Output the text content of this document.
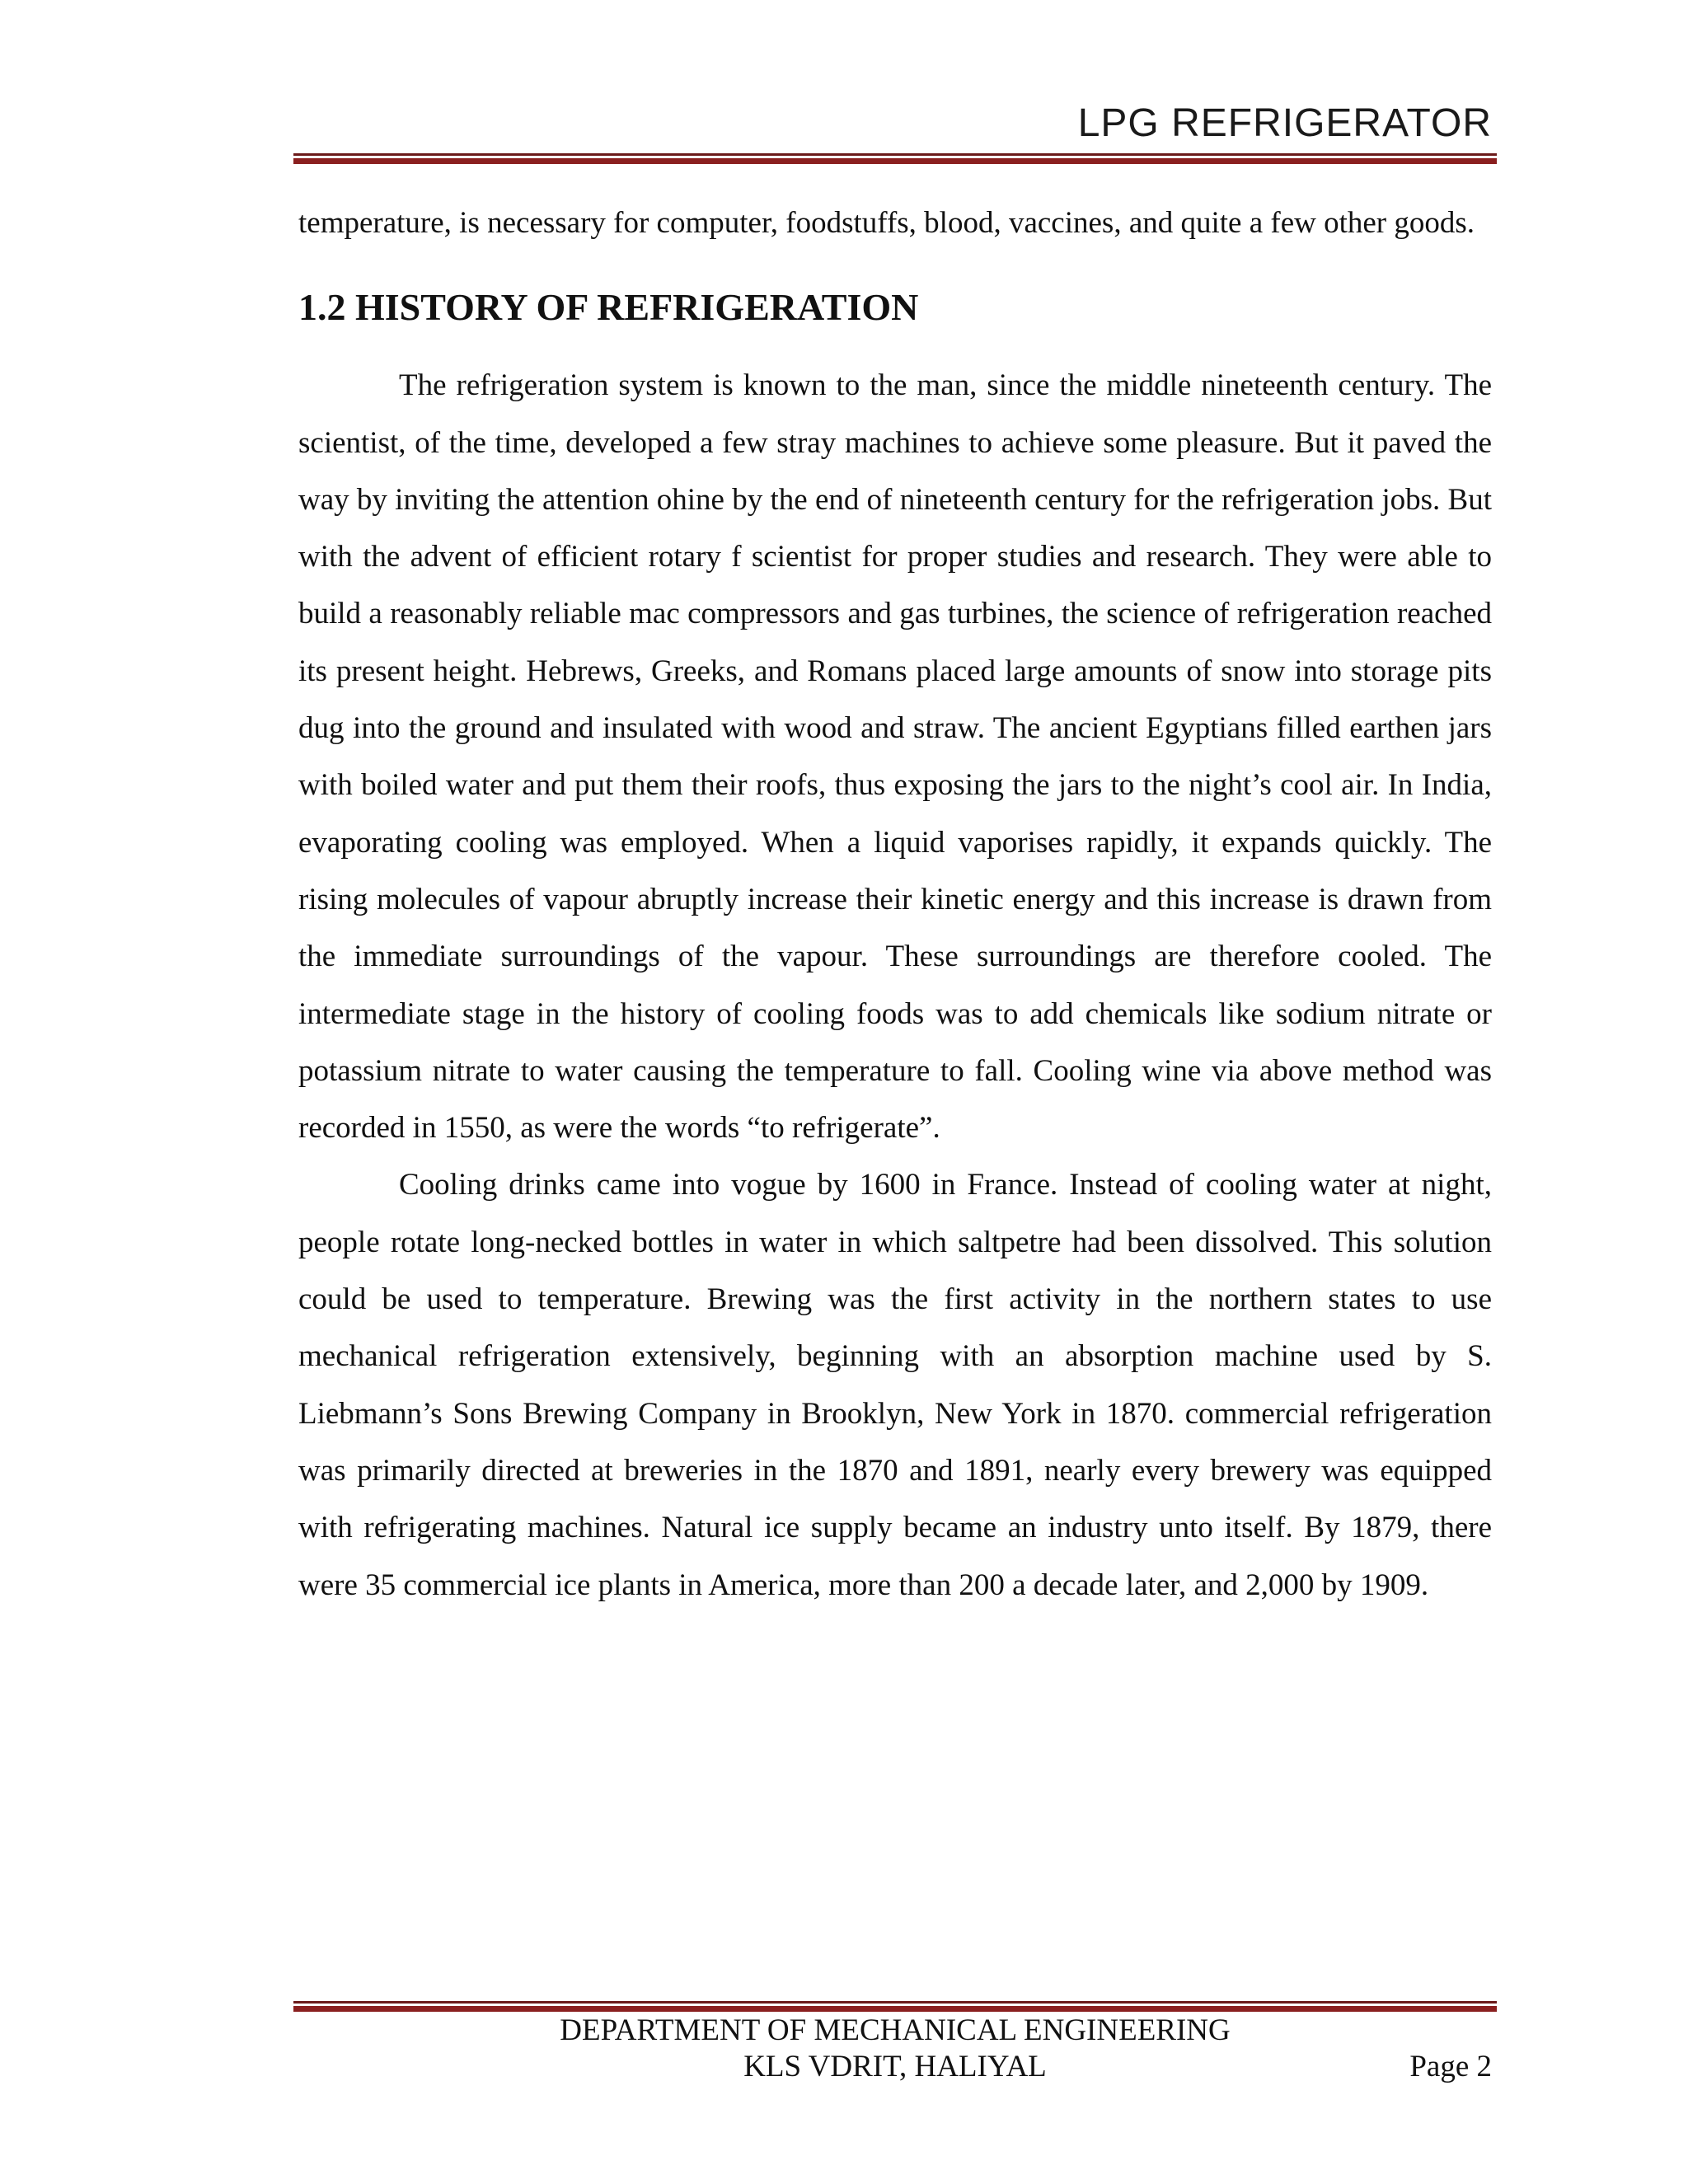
LPG REFRIGERATOR

temperature, is necessary for computer, foodstuffs, blood, vaccines, and quite a few other goods.

1.2 HISTORY OF REFRIGERATION

The refrigeration system is known to the man, since the middle nineteenth century. The scientist, of the time, developed a few stray machines to achieve some pleasure. But it paved the way by inviting the attention ohine by the end of nineteenth century for the refrigeration jobs. But with the advent of efficient rotary f scientist for proper studies and research. They were able to build a reasonably reliable mac compressors and gas turbines, the science of refrigeration reached its present height. Hebrews, Greeks, and Romans placed large amounts of snow into storage pits dug into the ground and insulated with wood and straw. The ancient Egyptians filled earthen jars with boiled water and put them their roofs, thus exposing the jars to the night’s cool air. In India, evaporating cooling was employed. When a liquid vaporises rapidly, it expands quickly. The rising molecules of vapour abruptly increase their kinetic energy and this increase is drawn from the immediate surroundings of the vapour. These surroundings are therefore cooled. The intermediate stage in the history of cooling foods was to add chemicals like sodium nitrate or potassium nitrate to water causing the temperature to fall. Cooling wine via above method was recorded in 1550, as were the words “to refrigerate”.

Cooling drinks came into vogue by 1600 in France. Instead of cooling water at night, people rotate long-necked bottles in water in which saltpetre had been dissolved. This solution could be used to temperature. Brewing was the first activity in the northern states to use mechanical refrigeration extensively, beginning with an absorption machine used by S. Liebmann’s Sons Brewing Company in Brooklyn, New York in 1870. commercial refrigeration was primarily directed at breweries in the 1870 and 1891, nearly every brewery was equipped with refrigerating machines. Natural ice supply became an industry unto itself. By 1879, there were 35 commercial ice plants in America, more than 200 a decade later, and 2,000 by 1909.

DEPARTMENT OF MECHANICAL ENGINEERING
KLS VDRIT, HALIYAL	Page 2
